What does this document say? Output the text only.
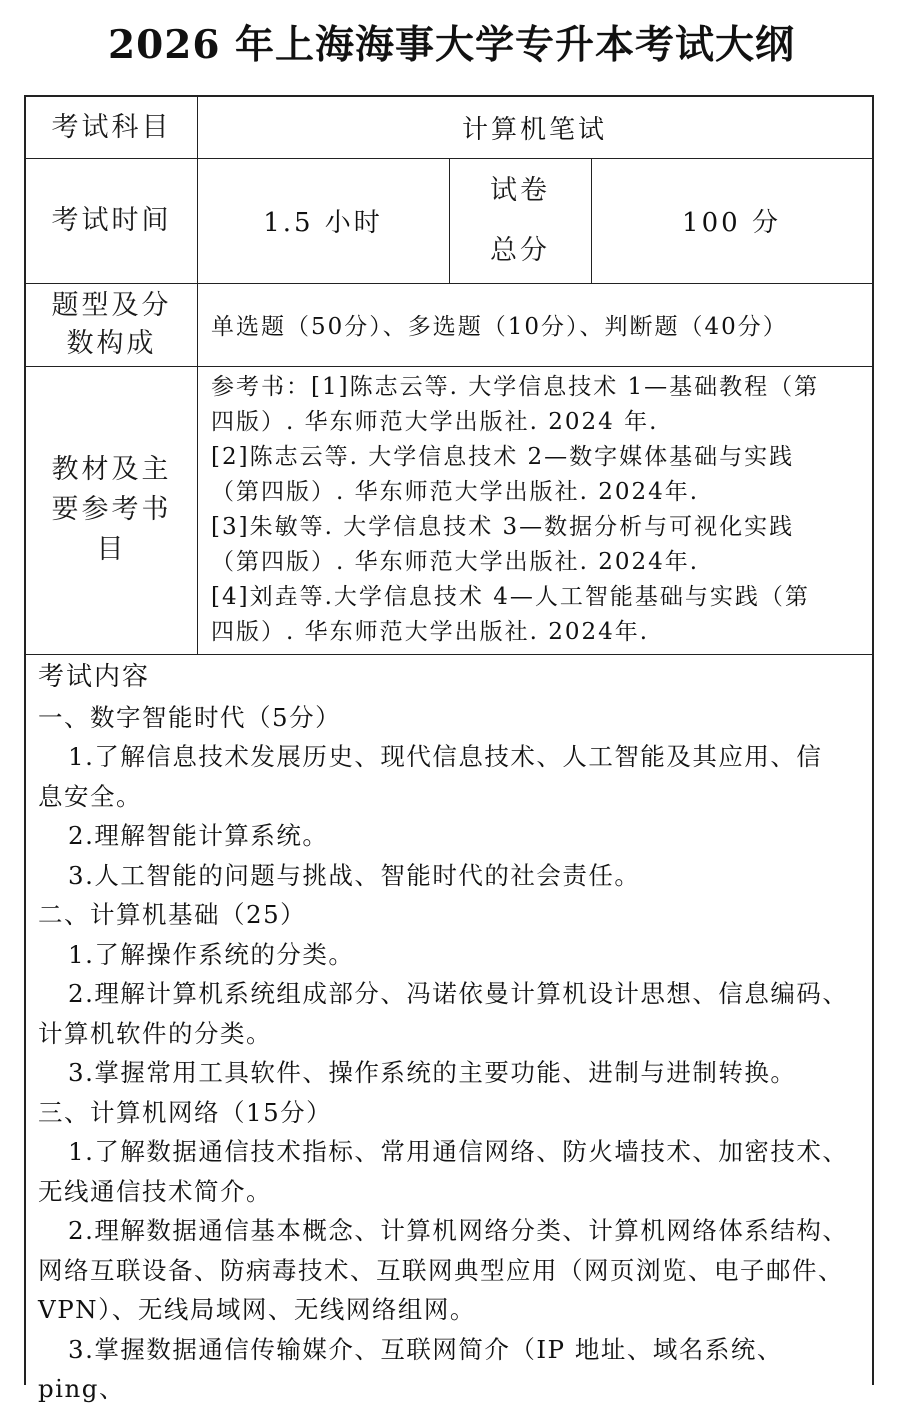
2026 年上海海事大学专升本考试大纲
考试科目	计算机笔试
考试时间	1.5 小时
试卷
总分
100 分
题型及分
数构成
单选题（50分）、多选题（10分）、判断题（40分）
教材及主
要参考书
目

参考书：[1]陈志云等. 大学信息技术 1—基础教程（第

四版）. 华东师范大学出版社. 2024 年.

[2]陈志云等. 大学信息技术 2—数字媒体基础与实践

（第四版）. 华东师范大学出版社. 2024年.

[3]朱敏等. 大学信息技术 3—数据分析与可视化实践

（第四版）. 华东师范大学出版社. 2024年.

[4]刘垚等.大学信息技术 4—人工智能基础与实践（第

四版）. 华东师范大学出版社. 2024年.

考试内容

一、数字智能时代（5分）

1.了解信息技术发展历史、现代信息技术、人工智能及其应用、信

息安全。

2.理解智能计算系统。

3.人工智能的问题与挑战、智能时代的社会责任。

二、计算机基础（25）

1.了解操作系统的分类。

2.理解计算机系统组成部分、冯诺依曼计算机设计思想、信息编码、

计算机软件的分类。

3.掌握常用工具软件、操作系统的主要功能、进制与进制转换。

三、计算机网络（15分）

1.了解数据通信技术指标、常用通信网络、防火墙技术、加密技术、

无线通信技术简介。

2.理解数据通信基本概念、计算机网络分类、计算机网络体系结构、

网络互联设备、防病毒技术、互联网典型应用（网页浏览、电子邮件、

VPN）、无线局域网、无线网络组网。

3.掌握数据通信传输媒介、互联网简介（IP 地址、域名系统、ping、
